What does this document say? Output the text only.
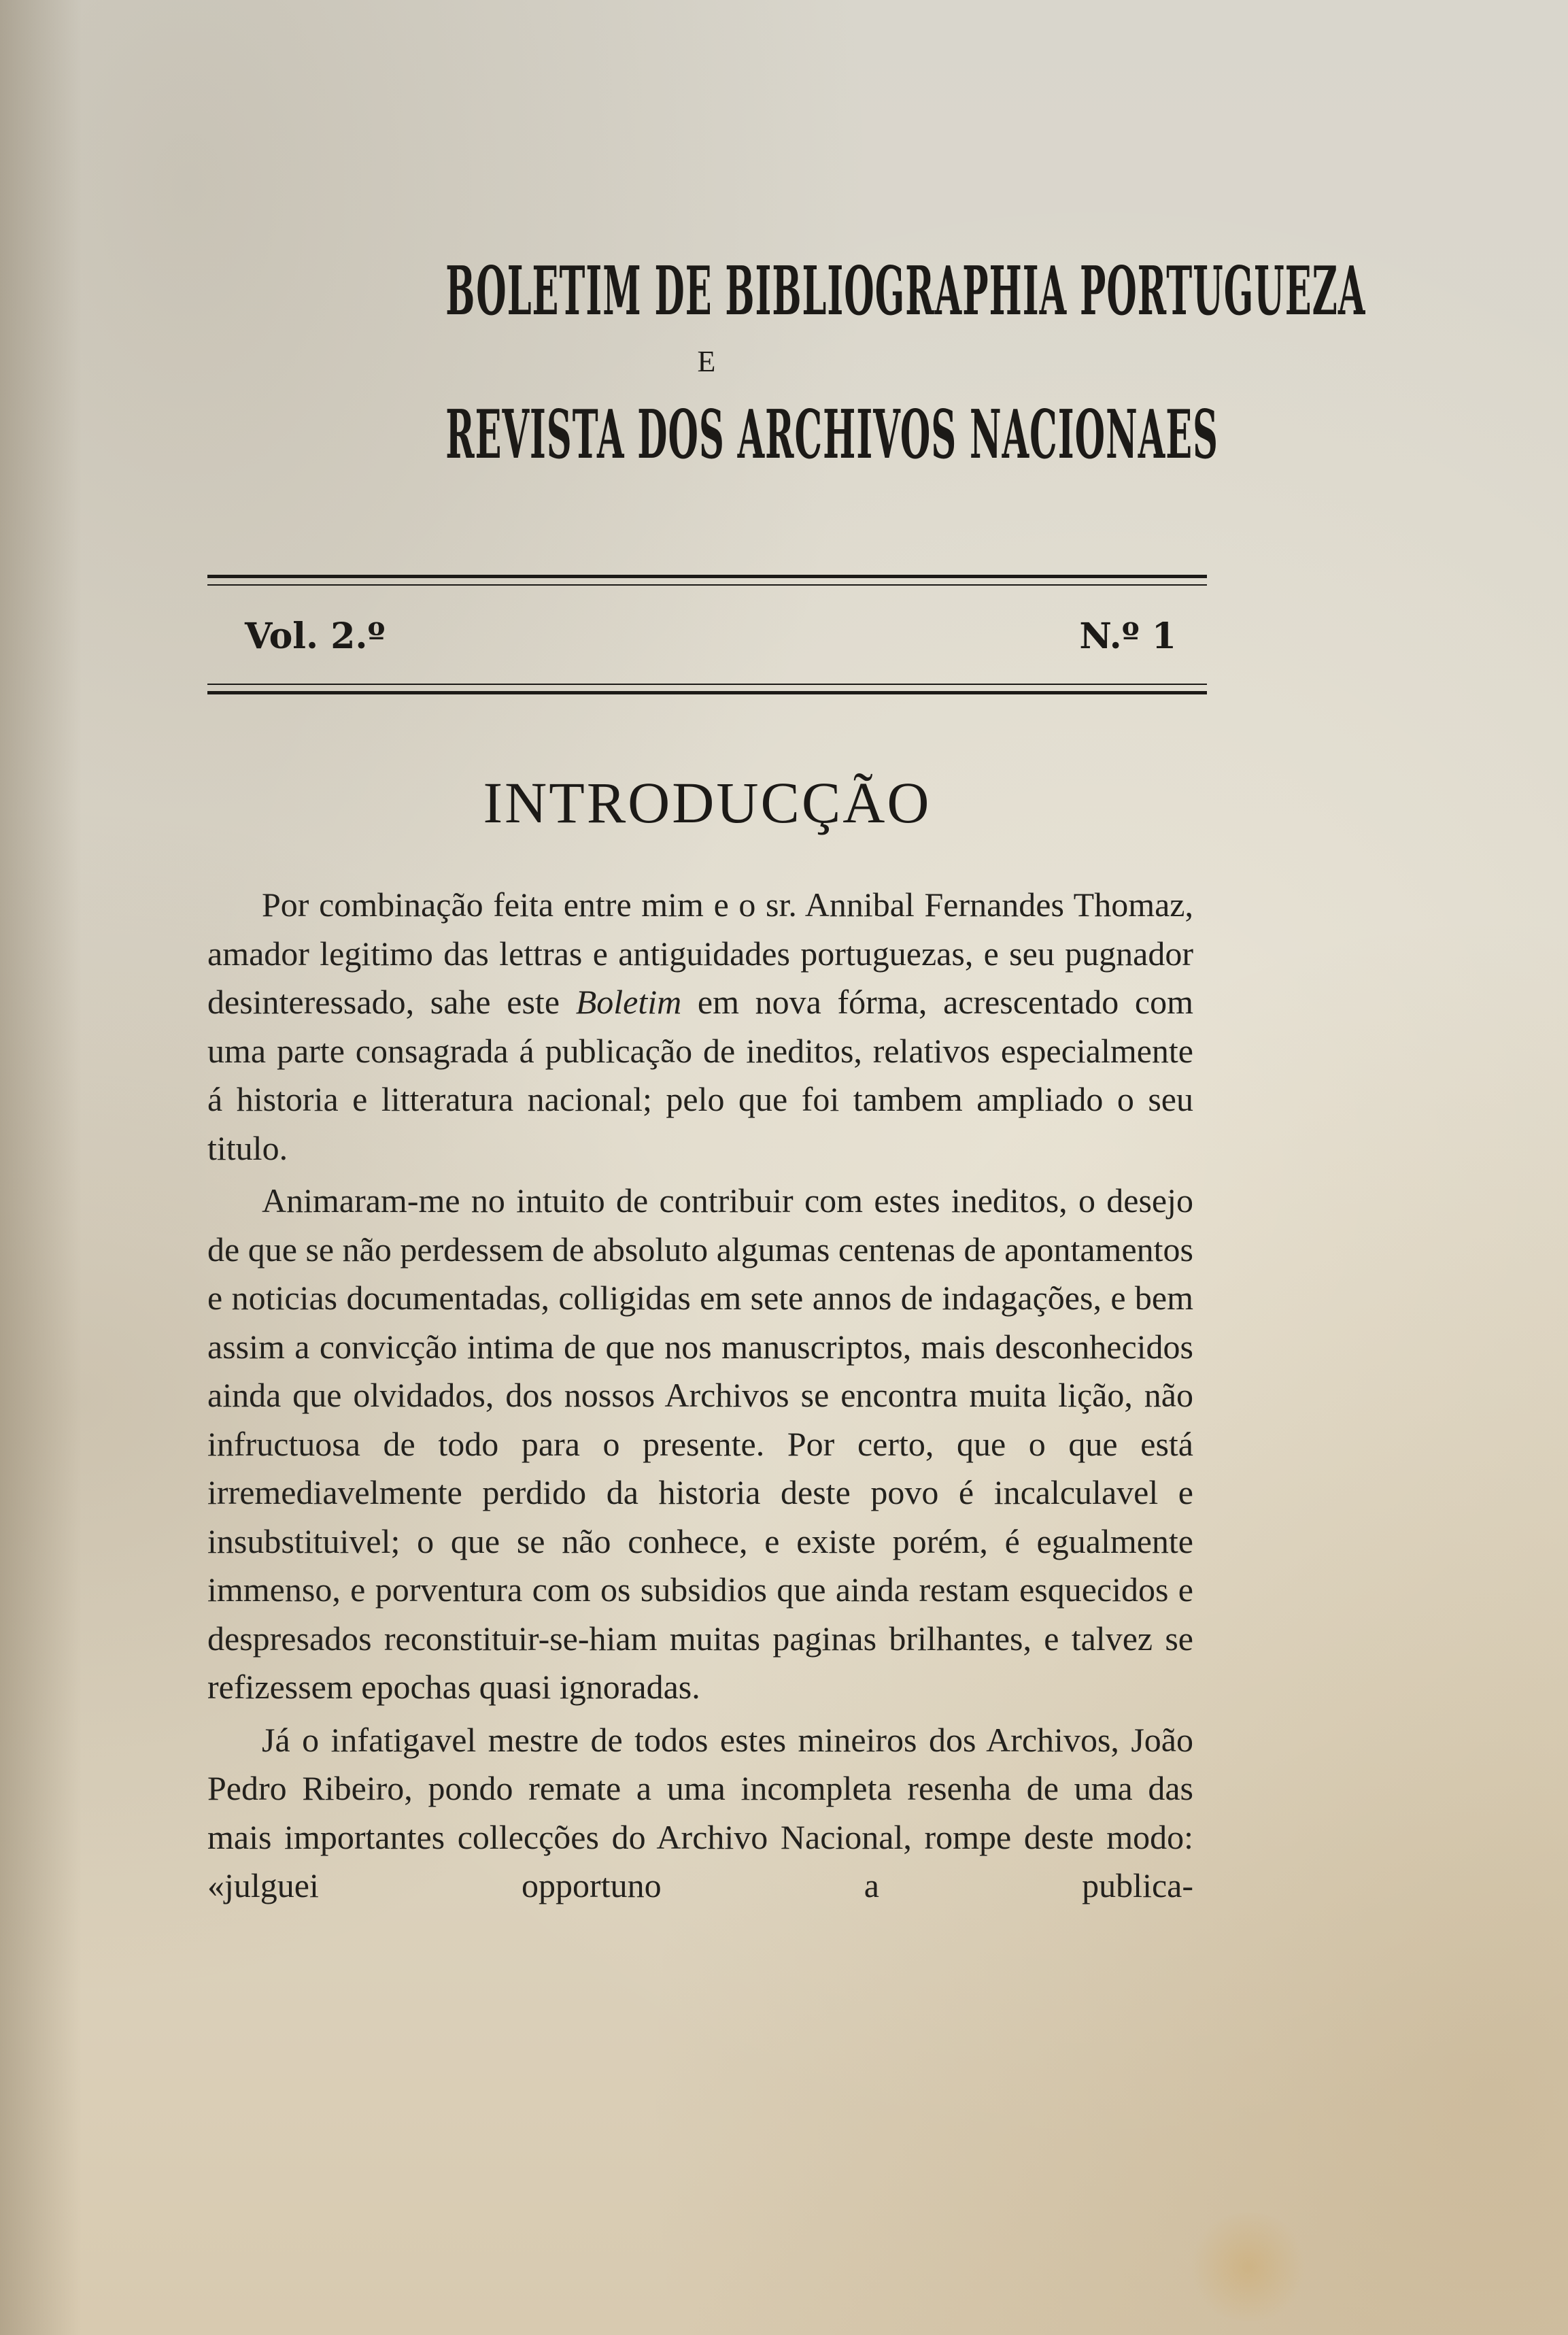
BOLETIM DE BIBLIOGRAPHIA PORTUGUEZA
E
REVISTA DOS ARCHIVOS NACIONAES
Vol. 2.º	N.º 1
INTRODUCÇÃO

Por combinação feita entre mim e o sr. Annibal Fernandes Thomaz, amador legitimo das lettras e antiguidades portuguezas, e seu pugnador desinteressado, sahe este Boletim em nova fórma, acrescentado com uma parte consagrada á publicação de ineditos, relativos especialmente á historia e litteratura nacional; pelo que foi tambem ampliado o seu titulo.

Animaram-me no intuito de contribuir com estes ineditos, o desejo de que se não perdessem de absoluto algumas centenas de apontamentos e noticias documentadas, colligidas em sete annos de indagações, e bem assim a convicção intima de que nos manuscriptos, mais desconhecidos ainda que olvidados, dos nossos Archivos se encontra muita lição, não infructuosa de todo para o presente. Por certo, que o que está irremediavelmente perdido da historia deste povo é incalculavel e insubstituivel; o que se não conhece, e existe porém, é egualmente immenso, e porventura com os subsidios que ainda restam esquecidos e despresados reconstituir-se-hiam muitas paginas brilhantes, e talvez se refizessem epochas quasi ignoradas.

Já o infatigavel mestre de todos estes mineiros dos Archivos, João Pedro Ribeiro, pondo remate a uma incompleta resenha de uma das mais importantes collecções do Archivo Nacional, rompe deste modo: «julguei opportuno a publica-
